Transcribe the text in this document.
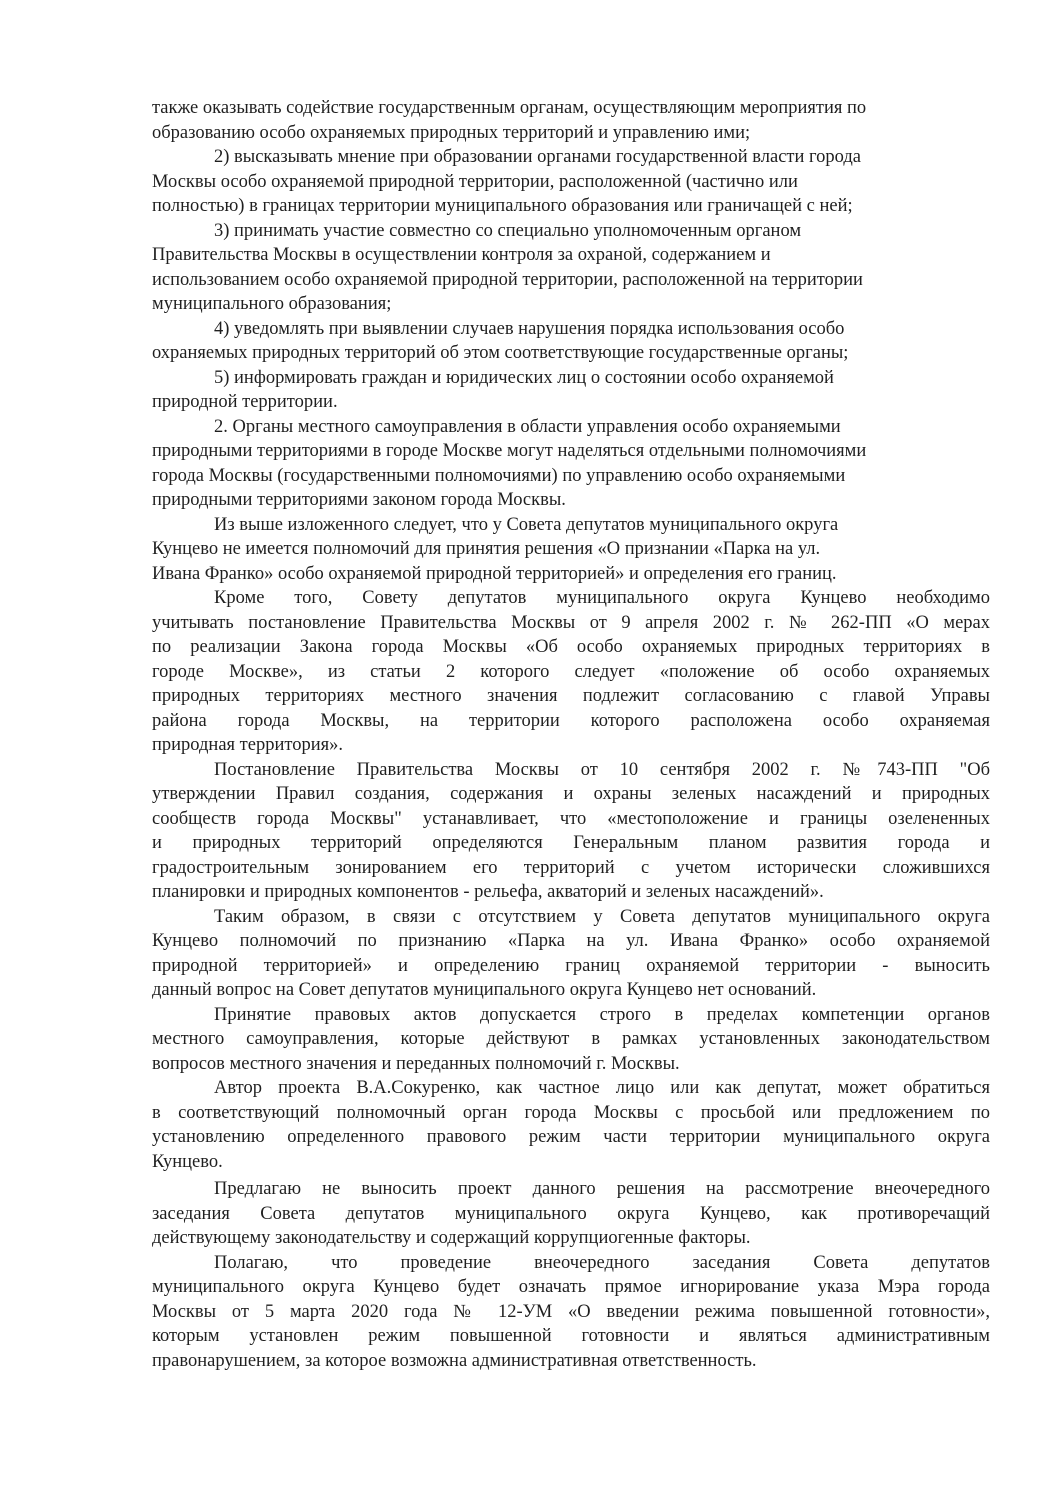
также оказывать содействие государственным органам, осуществляющим мероприятия по
образованию особо охраняемых природных территорий и управлению ими;
2) высказывать мнение при образовании органами государственной власти города
Москвы особо охраняемой природной территории, расположенной (частично или
полностью) в границах территории муниципального образования или граничащей с ней;
3) принимать участие совместно со специально уполномоченным органом
Правительства Москвы в осуществлении контроля за охраной, содержанием и
использованием особо охраняемой природной территории, расположенной на территории
муниципального образования;
4) уведомлять при выявлении случаев нарушения порядка использования особо
охраняемых природных территорий об этом соответствующие государственные органы;
5) информировать граждан и юридических лиц о состоянии особо охраняемой
природной территории.
2. Органы местного самоуправления в области управления особо охраняемыми
природными территориями в городе Москве могут наделяться отдельными полномочиями
города Москвы (государственными полномочиями) по управлению особо охраняемыми
природными территориями законом города Москвы.
Из выше изложенного следует, что у Совета депутатов муниципального округа
Кунцево не имеется полномочий для принятия решения «О признании «Парка на ул.
Ивана Франко» особо охраняемой природной территорией» и определения его границ.
Кроме того, Совету депутатов муниципального округа Кунцево необходимо
учитывать постановление Правительства Москвы от 9 апреля 2002 г. № 262-ПП «О мерах
по реализации Закона города Москвы «Об особо охраняемых природных территориях в
городе Москве», из статьи 2 которого следует «положение об особо охраняемых
природных территориях местного значения подлежит согласованию с главой Управы
района города Москвы, на территории которого расположена особо охраняемая
природная территория».
Постановление Правительства Москвы от 10 сентября 2002 г. №743-ПП "Об
утверждении Правил создания, содержания и охраны зеленых насаждений и природных
сообществ города Москвы" устанавливает, что «местоположение и границы озелененных
и природных территорий определяются Генеральным планом развития города и
градостроительным зонированием его территорий с учетом исторически сложившихся
планировки и природных компонентов - рельефа, акваторий и зеленых насаждений».
Таким образом, в связи с отсутствием у Совета депутатов муниципального округа
Кунцево полномочий по признанию «Парка на ул. Ивана Франко» особо охраняемой
природной территорией» и определению границ охраняемой территории - выносить
данный вопрос на Совет депутатов муниципального округа Кунцево нет оснований.
Принятие правовых актов допускается строго в пределах компетенции органов
местного самоуправления, которые действуют в рамках установленных законодательством
вопросов местного значения и переданных полномочий г. Москвы.
Автор проекта В.А.Сокуренко, как частное лицо или как депутат, может обратиться
в соответствующий полномочный орган города Москвы с просьбой или предложением по
установлению определенного правового режим части территории муниципального округа
Кунцево.
Предлагаю не выносить проект данного решения на рассмотрение внеочередного
заседания Совета депутатов муниципального округа Кунцево, как противоречащий
действующему законодательству и содержащий коррупциогенные факторы.
Полагаю, что проведение внеочередного заседания Совета депутатов
муниципального округа Кунцево будет означать прямое игнорирование указа Мэра города
Москвы от 5 марта 2020 года № 12-УМ «О введении режима повышенной готовности»,
которым установлен режим повышенной готовности и являться административным
правонарушением, за которое возможна административная ответственность.
